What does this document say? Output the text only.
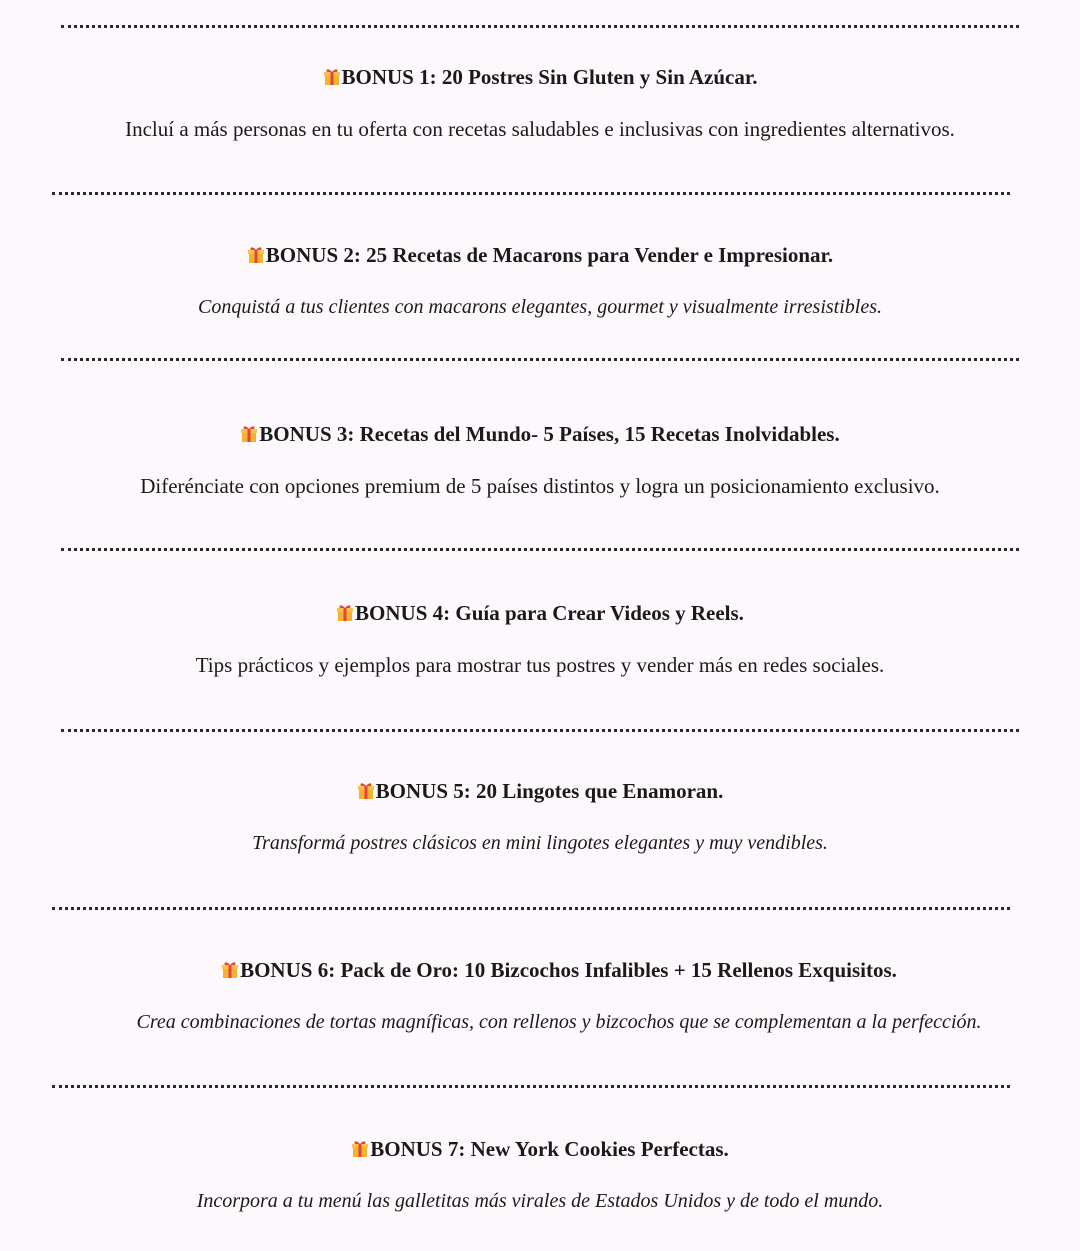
BONUS 1: 20 Postres Sin Gluten y Sin Azúcar.
Incluí a más personas en tu oferta con recetas saludables e inclusivas con ingredientes alternativos.
BONUS 2: 25 Recetas de Macarons para Vender e Impresionar.
Conquistá a tus clientes con macarons elegantes, gourmet y visualmente irresistibles.
BONUS 3: Recetas del Mundo- 5 Países, 15 Recetas Inolvidables.
Diferénciate con opciones premium de 5 países distintos y logra un posicionamiento exclusivo.
BONUS 4: Guía para Crear Videos y Reels.
Tips prácticos y ejemplos para mostrar tus postres y vender más en redes sociales.
BONUS 5: 20 Lingotes que Enamoran.
Transformá postres clásicos en mini lingotes elegantes y muy vendibles.
BONUS 6: Pack de Oro: 10 Bizcochos Infalibles + 15 Rellenos Exquisitos.
Crea combinaciones de tortas magníficas, con rellenos y bizcochos que se complementan a la perfección.
BONUS 7: New York Cookies Perfectas.
Incorpora a tu menú las galletitas más virales de Estados Unidos y de todo el mundo.
